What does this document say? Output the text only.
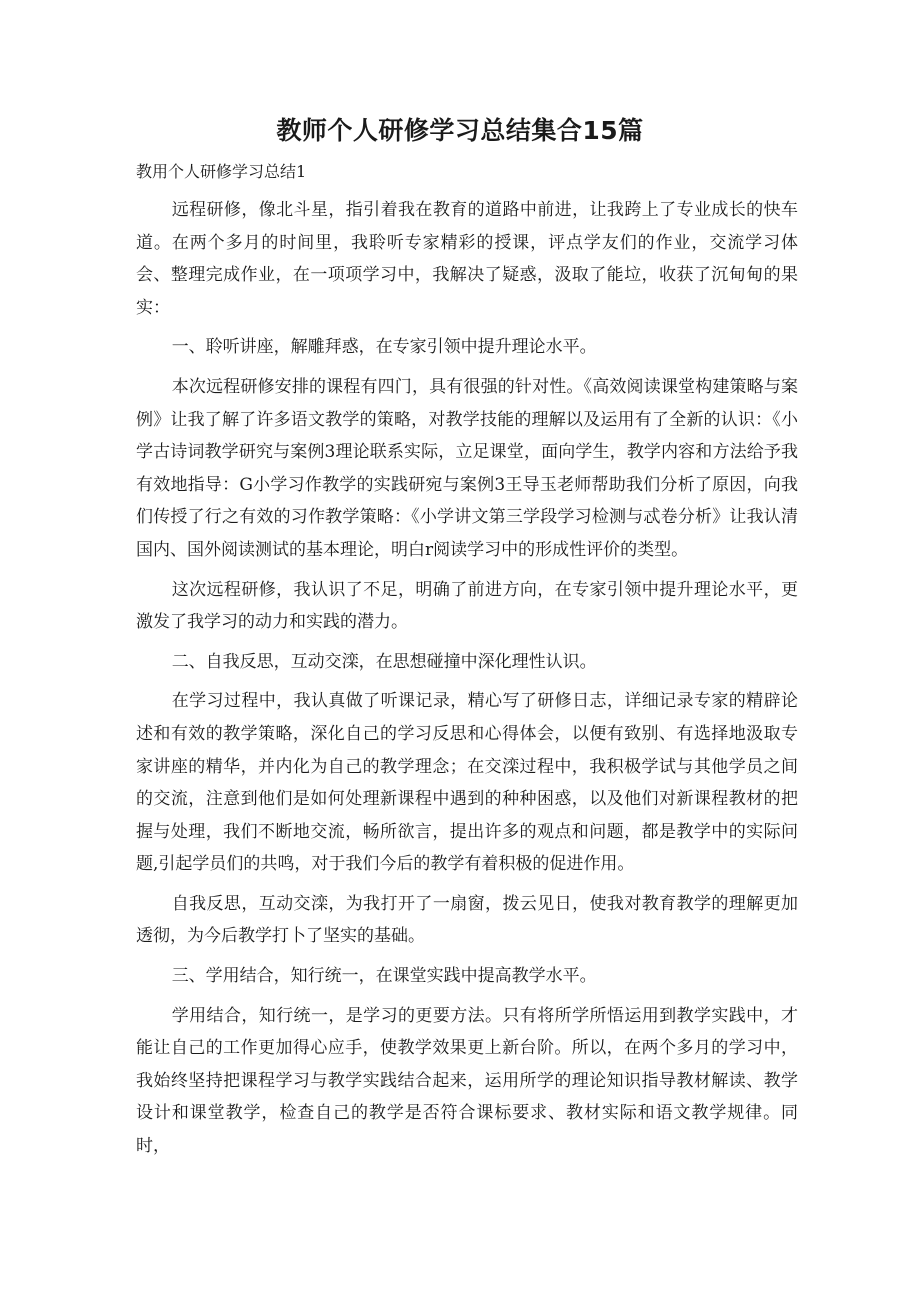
教师个人研修学习总结集合15篇
教用个人研修学习总结1

远程研修，像北斗星，指引着我在教育的道路中前进，让我跨上了专业成长的快车道。在两个多月的时间里，我聆听专家精彩的授课，评点学友们的作业，交流学习体会、整理完成作业，在一项项学习中，我解决了疑惑，汲取了能垃，收获了沉甸甸的果实：

一、聆听讲座，解雕拜惑，在专家引领中提升理论水平。

本次远程研修安排的课程有四门，具有很强的针对性。《高效阅读课堂构建策略与案例》让我了解了许多语文教学的策略，对教学技能的理解以及运用有了全新的认识：《小学古诗词教学研究与案例3理论联系实际，立足课堂，面向学生，教学内容和方法给予我有效地指导：G小学习作教学的实践研宛与案例3王导玉老师帮助我们分析了原因，向我们传授了行之有效的习作教学策略：《小学讲文第三学段学习检测与忒卷分析》让我认清国内、国外阅读测试的基本理论，明白r阅读学习中的形成性评价的类型。

这次远程研修，我认识了不足，明确了前进方向，在专家引领中提升理论水平，更激发了我学习的动力和实践的潜力。

二、自我反思，互动交滦，在思想碰撞中深化理性认识。

在学习过程中，我认真做了听课记录，精心写了研修日志，详细记录专家的精辟论述和有效的教学策略，深化自己的学习反思和心得体会，以便有致别、有选择地汲取专家讲座的精华，并内化为自己的教学理念；在交滦过程中，我积极学试与其他学员之间的交流，注意到他们是如何处理新课程中遇到的种种困惑，以及他们对新课程教材的把握与处理，我们不断地交流，畅所欲言，提出许多的观点和问题，都是教学中的实际问题,引起学员们的共鸣，对于我们今后的教学有着积极的促进作用。

自我反思，互动交滦，为我打开了一扇窗，拨云见日，使我对教育教学的理解更加透彻，为今后教学打卜了坚实的基础。

三、学用结合，知行统一，在课堂实践中提高教学水平。

学用结合，知行统一，是学习的更要方法。只有将所学所悟运用到教学实践中，才能让自己的工作更加得心应手，使教学效果更上新台阶。所以，在两个多月的学习中，我始终坚持把课程学习与教学实践结合起来，运用所学的理论知识指导教材解读、教学设计和课堂教学，检查自己的教学是否符合课标要求、教材实际和语文教学规律。同时，
